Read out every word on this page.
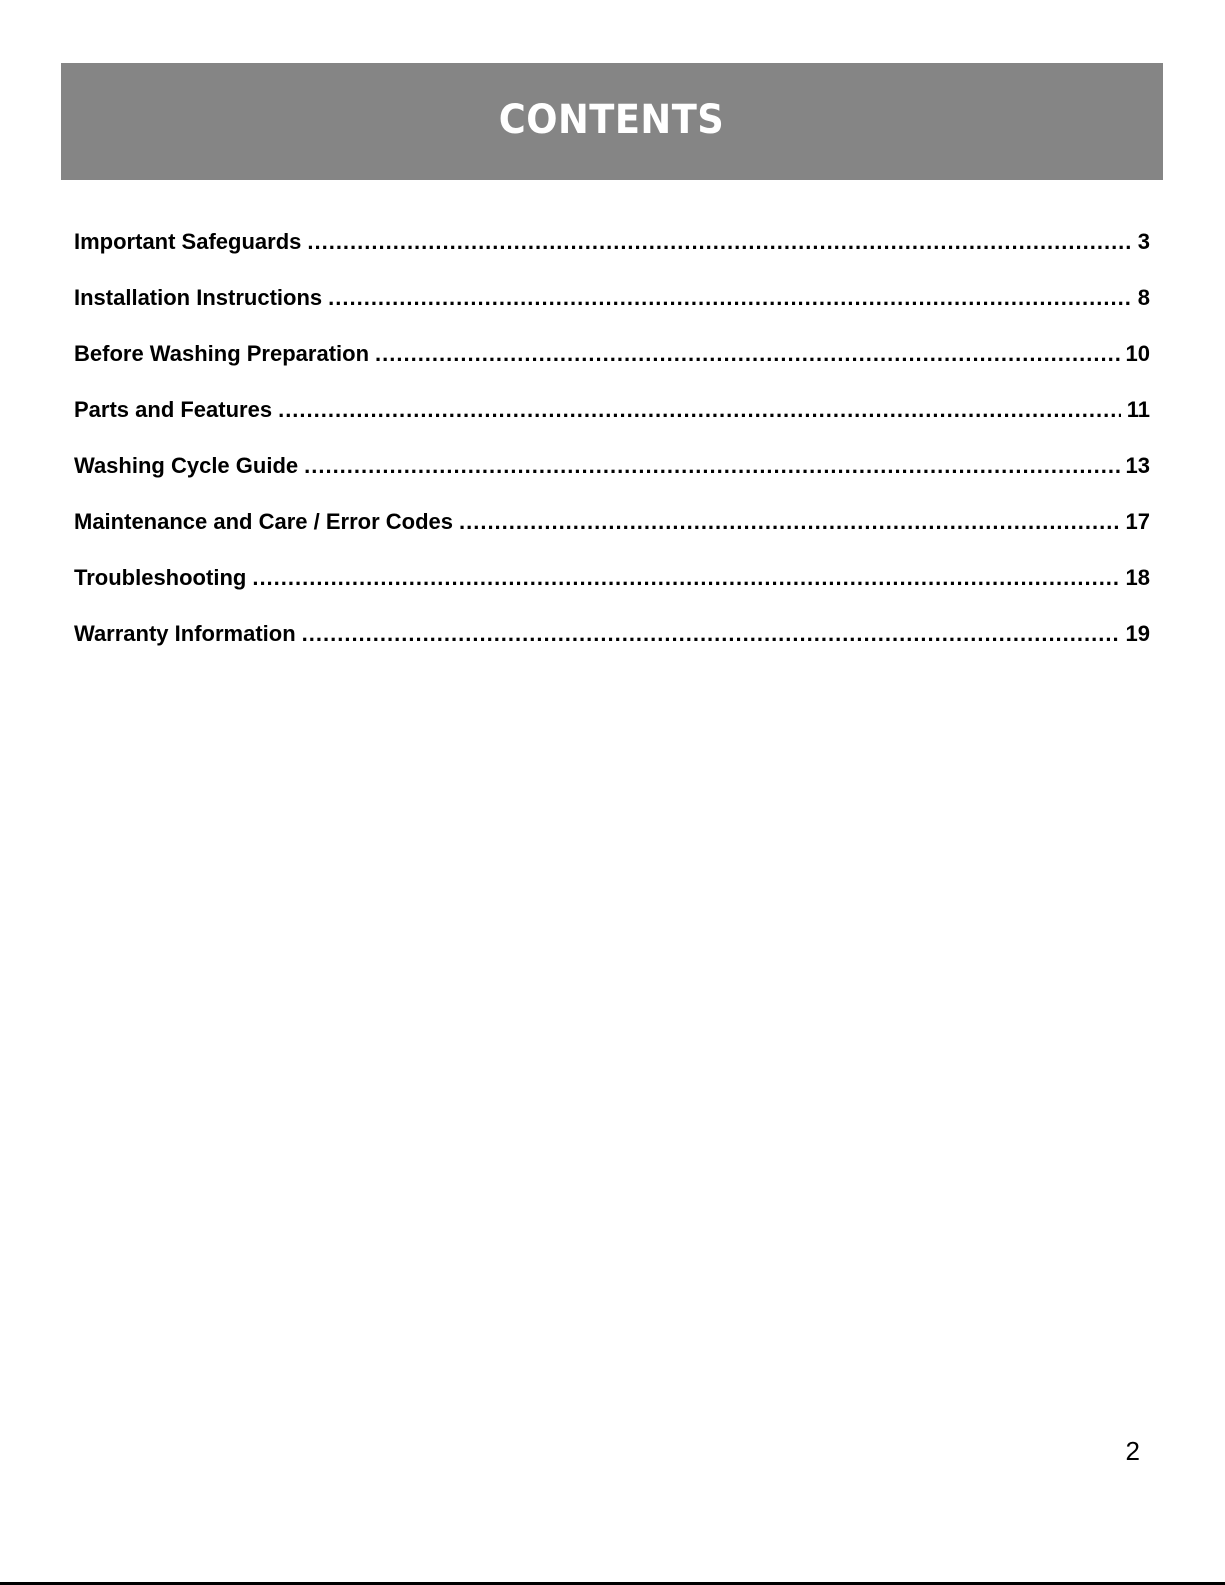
CONTENTS
Important Safeguards .....	3
Installation Instructions .....	8
Before Washing Preparation .....	10
Parts and Features .....	11
Washing Cycle Guide .....	13
Maintenance and Care / Error Codes .....	17
Troubleshooting .....	18
Warranty Information .....	19
2
